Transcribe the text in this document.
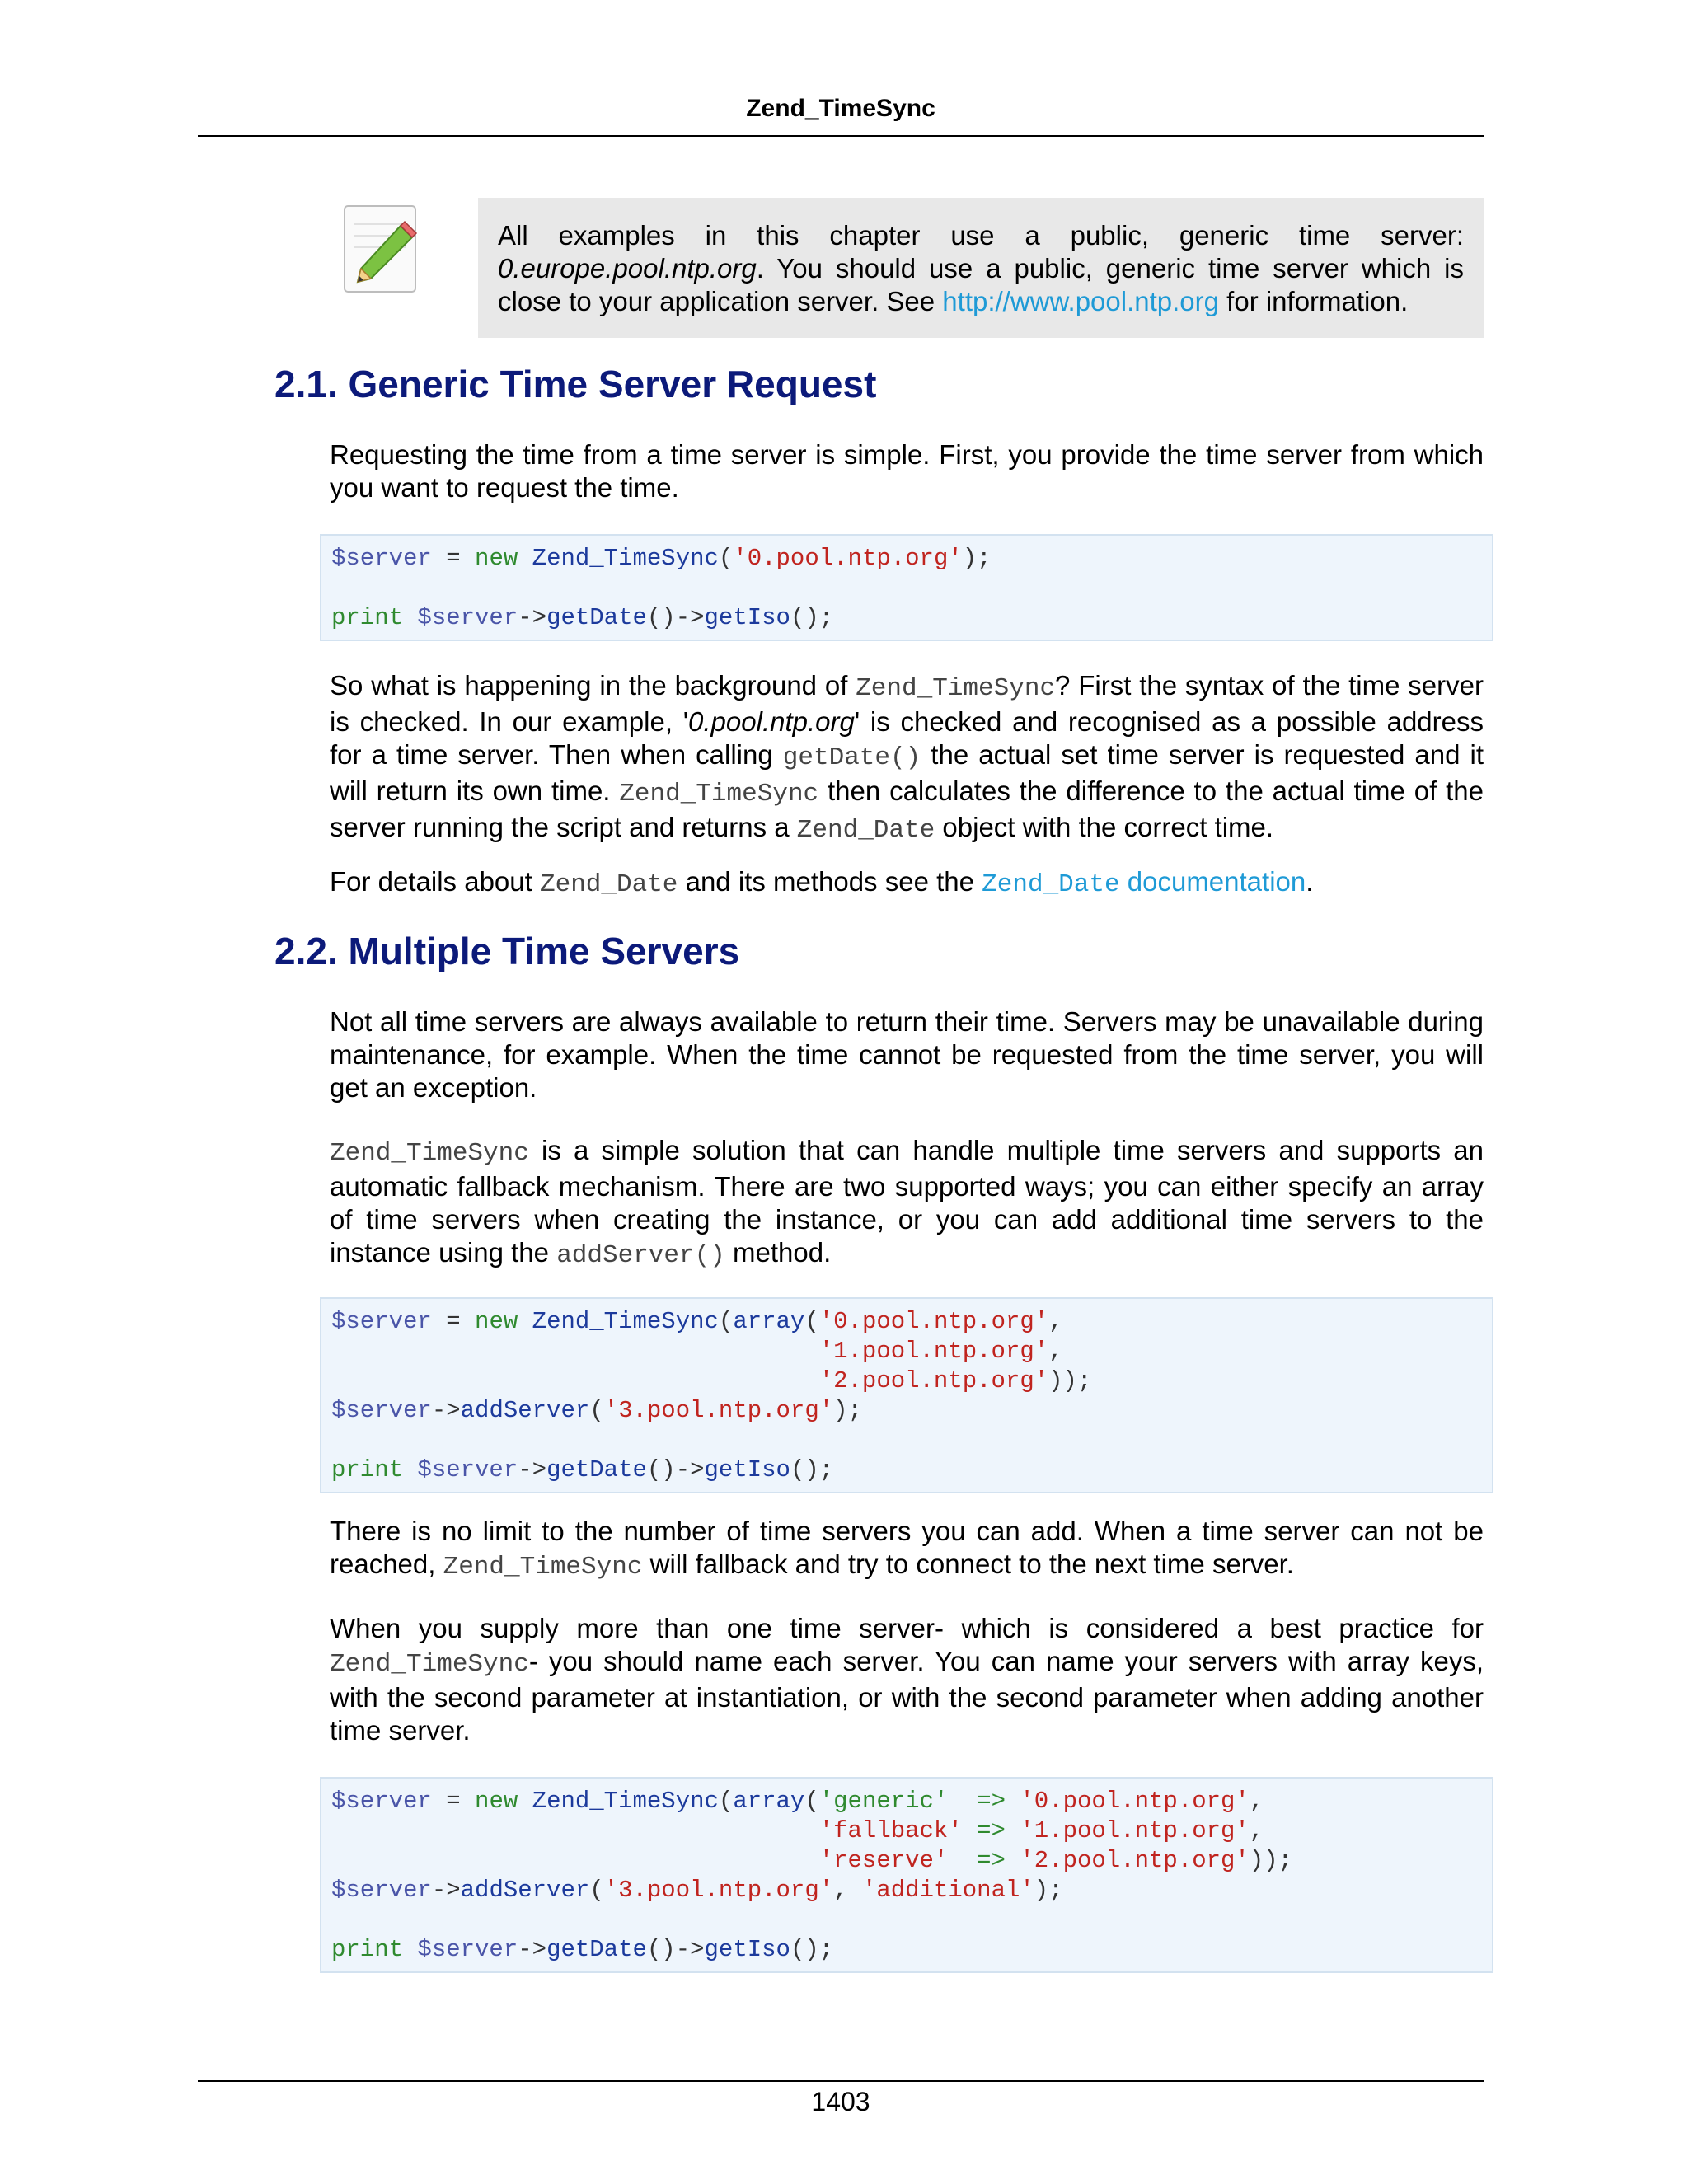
Zend_TimeSync
All examples in this chapter use a public, generic time server: 0.europe.pool.ntp.org. You should use a public, generic time server which is close to your application server. See http://www.pool.ntp.org for information.
2.1. Generic Time Server Request

Requesting the time from a time server is simple. First, you provide the time server from which you want to request the time.

$server = new Zend_TimeSync('0.pool.ntp.org');
print $server->getDate()->getIso();

So what is happening in the background of Zend_TimeSync? First the syntax of the time server is checked. In our example, '0.pool.ntp.org' is checked and recognised as a possible address for a time server. Then when calling getDate() the actual set time server is requested and it will return its own time. Zend_TimeSync then calculates the difference to the actual time of the server running the script and returns a Zend_Date object with the correct time.

For details about Zend_Date and its methods see the Zend_Date documentation.

2.2. Multiple Time Servers

Not all time servers are always available to return their time. Servers may be unavailable during maintenance, for example. When the time cannot be requested from the time server, you will get an exception.

Zend_TimeSync is a simple solution that can handle multiple time servers and supports an automatic fallback mechanism. There are two supported ways; you can either specify an array of time servers when creating the instance, or you can add additional time servers to the instance using the addServer() method.

$server = new Zend_TimeSync(array('0.pool.ntp.org',
'1.pool.ntp.org',
'2.pool.ntp.org'));
$server->addServer('3.pool.ntp.org');
print $server->getDate()->getIso();

There is no limit to the number of time servers you can add. When a time server can not be reached, Zend_TimeSync will fallback and try to connect to the next time server.

When you supply more than one time server- which is considered a best practice for Zend_TimeSync- you should name each server. You can name your servers with array keys, with the second parameter at instantiation, or with the second parameter when adding another time server.

$server = new Zend_TimeSync(array('generic' => '0.pool.ntp.org',
'fallback' => '1.pool.ntp.org',
'reserve' => '2.pool.ntp.org'));
$server->addServer('3.pool.ntp.org', 'additional');
print $server->getDate()->getIso();
1403
